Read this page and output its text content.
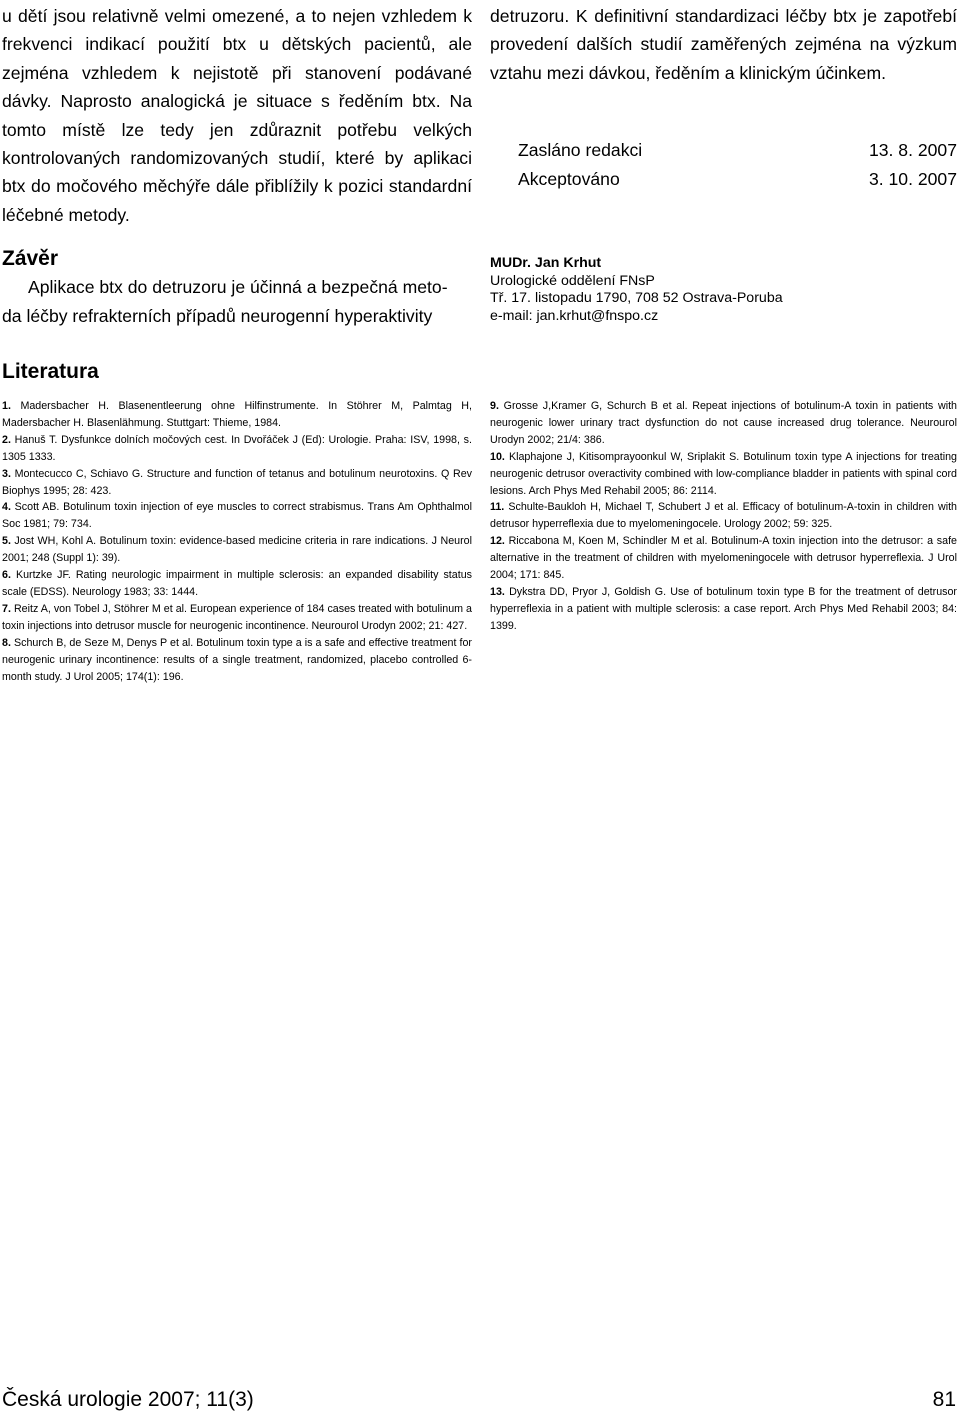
u dětí jsou relativně velmi omezené, a to nejen vzhledem k frekvenci indikací použití btx u dětských pacientů, ale zejména vzhledem k nejistotě při stanovení podávané dávky. Naprosto analogická je situace s ředěním btx. Na tomto místě lze tedy jen zdůraznit potřebu velkých kontrolovaných randomizovaných studií, které by aplikaci btx do močového měchýře dále přiblížily k pozici standardní léčebné metody.

detruzoru. K definitivní standardizaci léčby btx je zapotřebí provedení dalších studií zaměřených zejména na výzkum vztahu mezi dávkou, ředěním a klinickým účinkem.

Zasláno redakci	13. 8. 2007
Akceptováno	3. 10. 2007
Závěr

Aplikace btx do detruzoru je účinná a bezpečná meto-
da léčby refrakterních případů neurogenní hyperaktivity

MUDr. Jan Krhut
Urologické oddělení FNsP
Tř. 17. listopadu 1790, 708 52 Ostrava-Poruba
e-mail: jan.krhut@fnspo.cz
Literatura

1. Madersbacher H. Blasenentleerung ohne Hilfinstrumente. In Stöhrer M, Palmtag H, Madersbacher H. Blasenlähmung. Stuttgart: Thieme, 1984.

2. Hanuš T. Dysfunkce dolních močových cest. In Dvořáček J (Ed): Urologie. Praha: ISV, 1998, s. 1305 1333.

3. Montecucco C, Schiavo G. Structure and function of tetanus and botulinum neurotoxins. Q Rev Biophys 1995; 28: 423.

4. Scott AB. Botulinum toxin injection of eye muscles to correct strabismus. Trans Am Ophthalmol Soc 1981; 79: 734.

5. Jost WH, Kohl A. Botulinum toxin: evidence-based medicine criteria in rare indications. J Neurol 2001; 248 (Suppl 1): 39).

6. Kurtzke JF. Rating neurologic impairment in multiple sclerosis: an expanded disability status scale (EDSS). Neurology 1983; 33: 1444.

7. Reitz A, von Tobel J, Stöhrer M et al. European experience of 184 cases treated with botulinum a toxin injections into detrusor muscle for neurogenic incontinence. Neurourol Urodyn 2002; 21: 427.

8. Schurch B, de Seze M, Denys P et al. Botulinum toxin type a is a safe and effective treatment for neurogenic urinary incontinence: results of a single treatment, randomized, placebo controlled 6-month study. J Urol 2005; 174(1): 196.

9. Grosse J,Kramer G, Schurch B et al. Repeat injections of botulinum-A toxin in patients with neurogenic lower urinary tract dysfunction do not cause increased drug tolerance. Neurourol Urodyn 2002; 21/4: 386.

10. Klaphajone J, Kitisomprayoonkul W, Sriplakit S. Botulinum toxin type A injections for treating neurogenic detrusor overactivity combined with low-compliance bladder in patients with spinal cord lesions. Arch Phys Med Rehabil 2005; 86: 2114.

11. Schulte-Baukloh H, Michael T, Schubert J et al. Efficacy of botulinum-A-toxin in children with detrusor hyperreflexia due to myelomeningocele. Urology 2002; 59: 325.

12. Riccabona M, Koen M, Schindler M et al. Botulinum-A toxin injection into the detrusor: a safe alternative in the treatment of children with myelomeningocele with detrusor hyperreflexia. J Urol 2004; 171: 845.

13. Dykstra DD, Pryor J, Goldish G. Use of botulinum toxin type B for the treatment of detrusor hyperreflexia in a patient with multiple sclerosis: a case report. Arch Phys Med Rehabil 2003; 84: 1399.

Česká urologie 2007; 11(3)	81
